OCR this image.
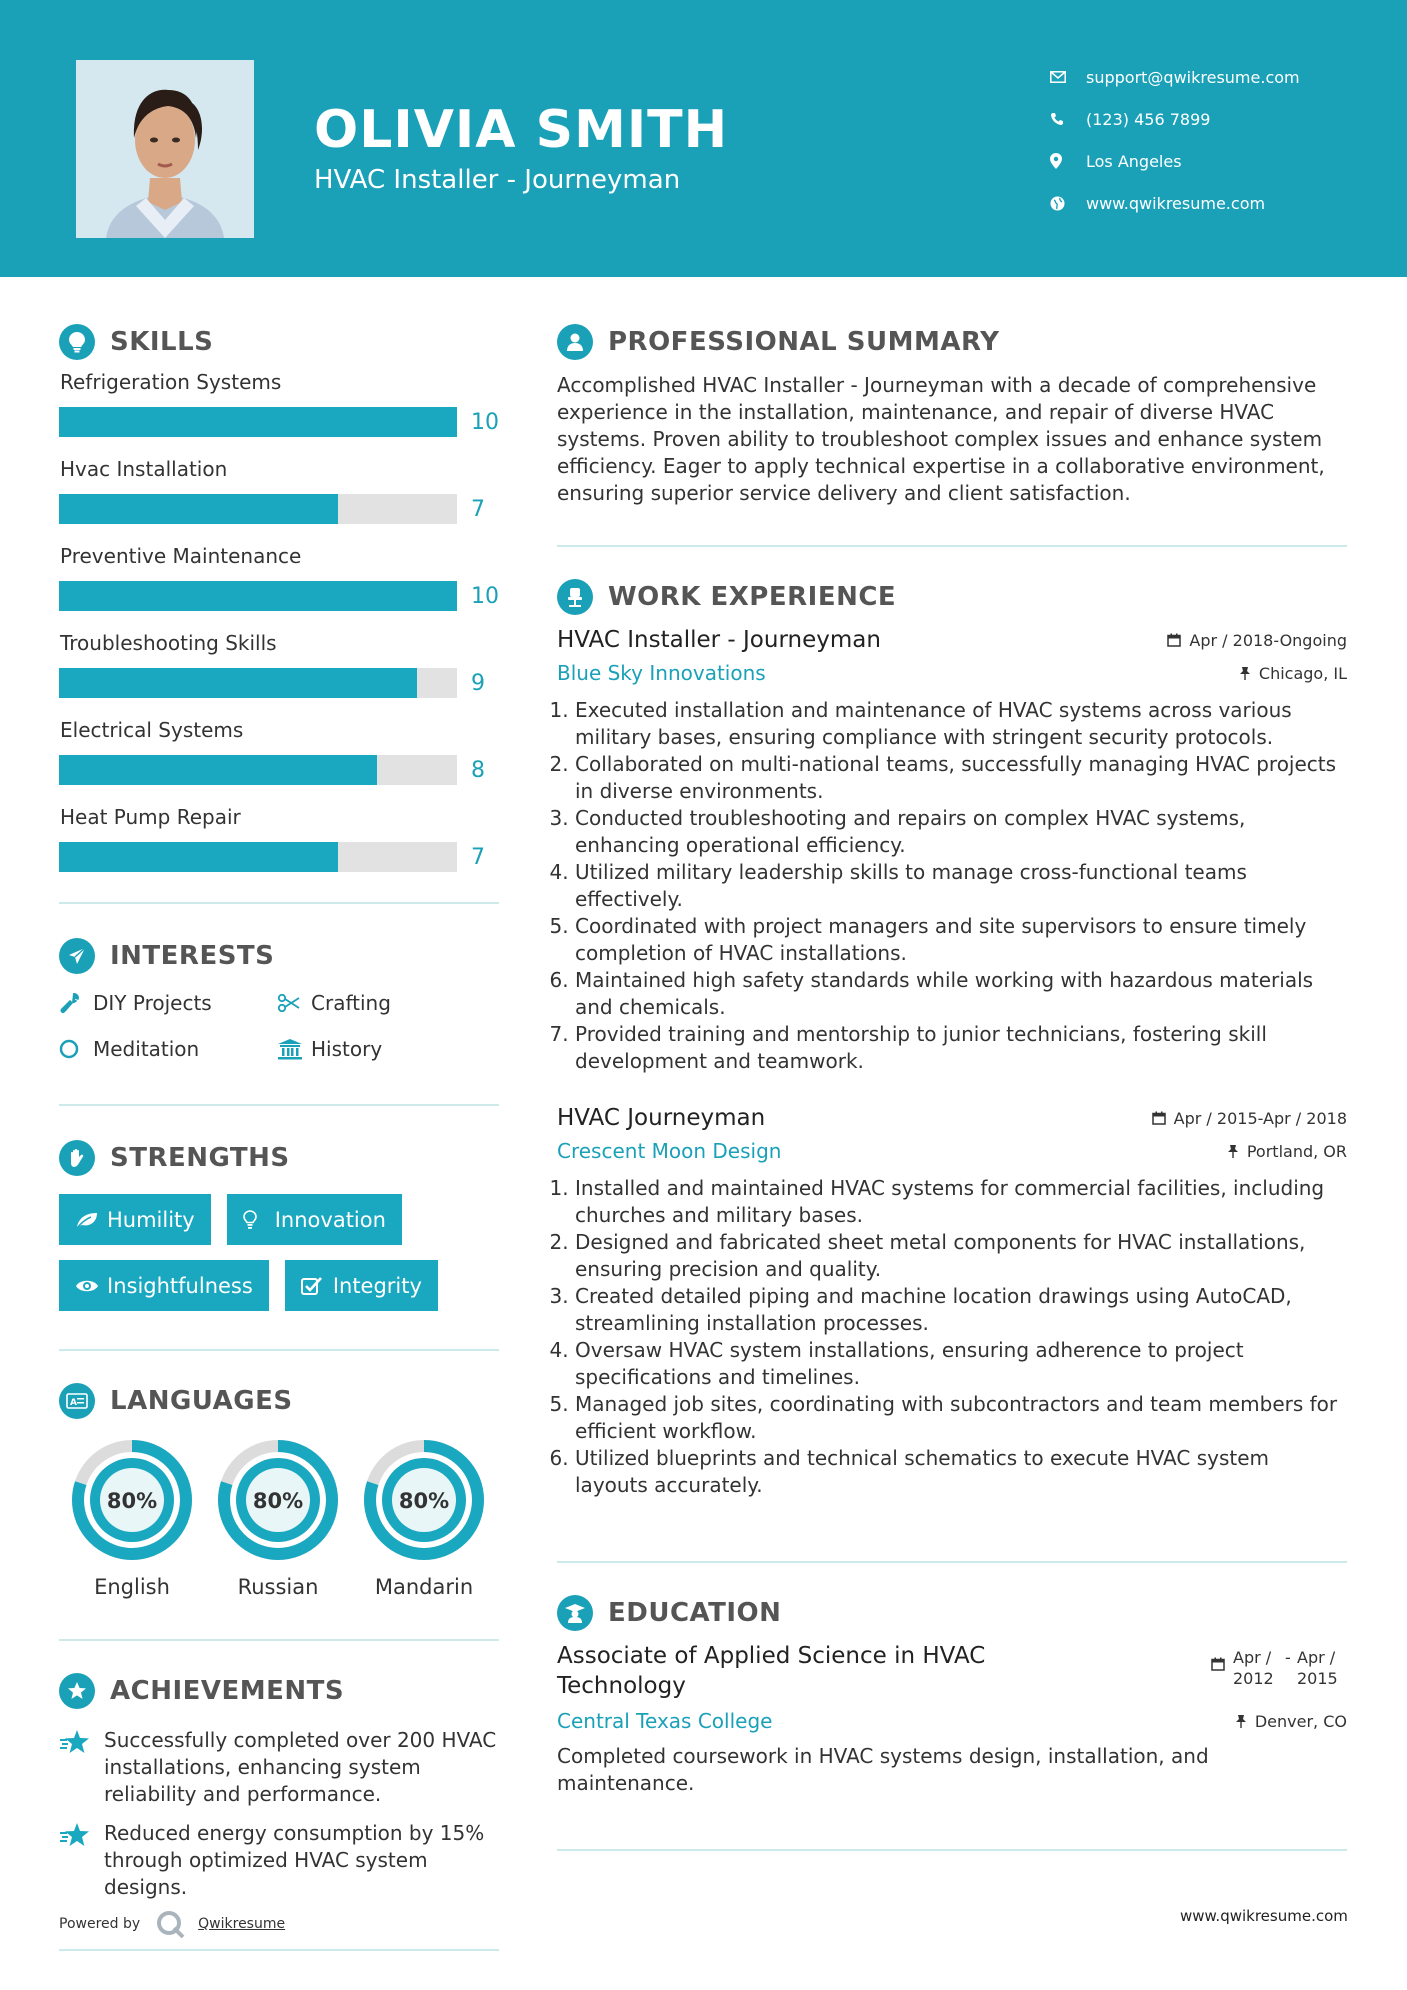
OLIVIA SMITH
HVAC Installer - Journeyman
support@qwikresume.com
(123) 456 7899
Los Angeles
www.qwikresume.com
SKILLS
Refrigeration Systems
10
Hvac Installation
7
Preventive Maintenance
10
Troubleshooting Skills
9
Electrical Systems
8
Heat Pump Repair
7
INTERESTS
DIY Projects	Crafting
Meditation	History
STRENGTHS
Humility	Innovation
Insightfulness	Integrity
A LANGUAGES
80%
English
80%
Russian
80%
Mandarin
ACHIEVEMENTS
Successfully completed over 200 HVAC installations, enhancing system reliability and performance.
Reduced energy consumption by 15% through optimized HVAC system designs.
Powered by	Qwikresume
PROFESSIONAL SUMMARY

Accomplished HVAC Installer - Journeyman with a decade of comprehensive experience in the installation, maintenance, and repair of diverse HVAC systems. Proven ability to troubleshoot complex issues and enhance system efficiency. Eager to apply technical expertise in a collaborative environment, ensuring superior service delivery and client satisfaction.

WORK EXPERIENCE
HVAC Installer - Journeyman	Apr / 2018-Ongoing
Blue Sky Innovations	Chicago, IL
1. Executed installation and maintenance of HVAC systems across various military bases, ensuring compliance with stringent security protocols.
2. Collaborated on multi-national teams, successfully managing HVAC projects in diverse environments.
3. Conducted troubleshooting and repairs on complex HVAC systems, enhancing operational efficiency.
4. Utilized military leadership skills to manage cross-functional teams effectively.
5. Coordinated with project managers and site supervisors to ensure timely completion of HVAC installations.
6. Maintained high safety standards while working with hazardous materials and chemicals.
7. Provided training and mentorship to junior technicians, fostering skill development and teamwork.
HVAC Journeyman	Apr / 2015-Apr / 2018
Crescent Moon Design	Portland, OR
1. Installed and maintained HVAC systems for commercial facilities, including churches and military bases.
2. Designed and fabricated sheet metal components for HVAC installations, ensuring precision and quality.
3. Created detailed piping and machine location drawings using AutoCAD, streamlining installation processes.
4. Oversaw HVAC system installations, ensuring adherence to project specifications and timelines.
5. Managed job sites, coordinating with subcontractors and team members for efficient workflow.
6. Utilized blueprints and technical schematics to execute HVAC system layouts accurately.
EDUCATION
Associate of Applied Science in HVAC Technology
Apr / 2012
- Apr / 2015
Central Texas College	Denver, CO

Completed coursework in HVAC systems design, installation, and maintenance.

www.qwikresume.com
